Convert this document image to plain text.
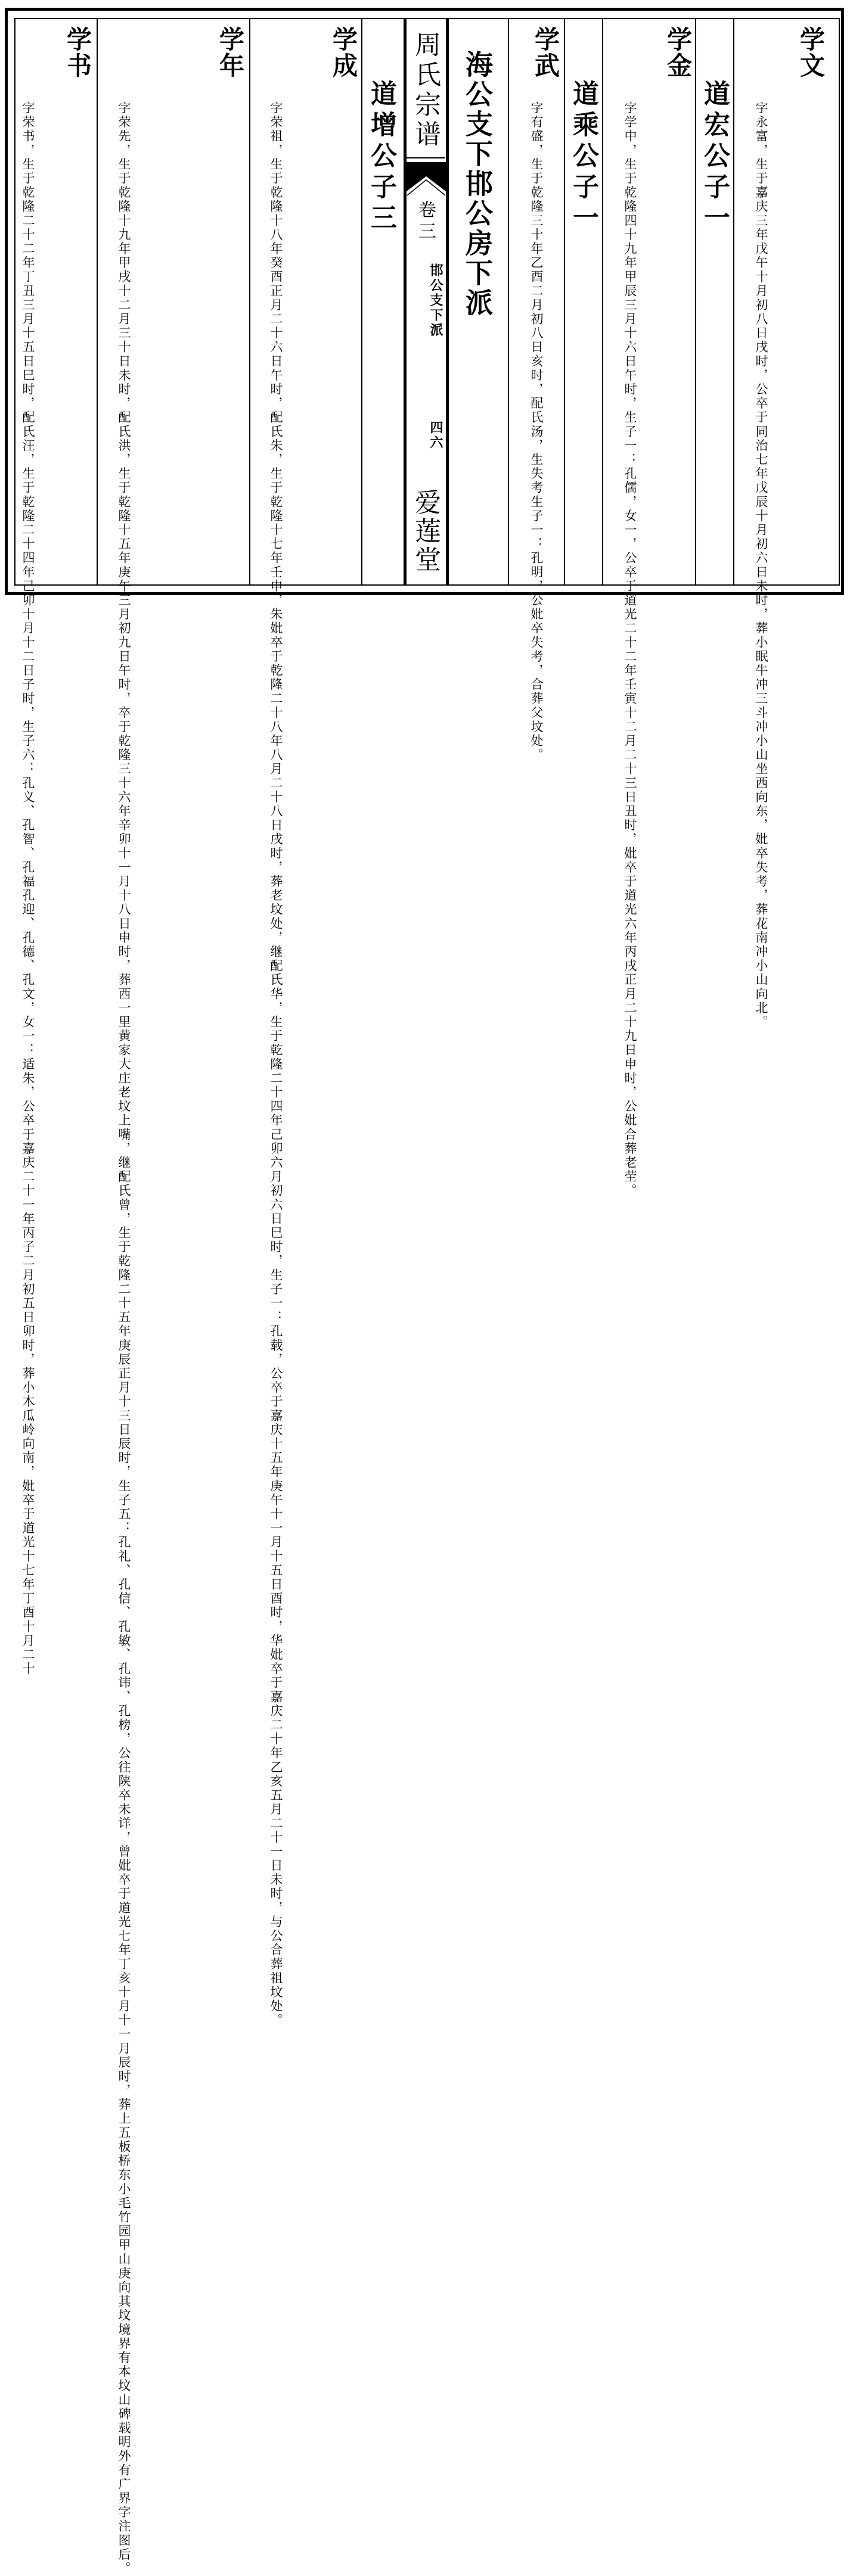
周氏宗谱
卷三
邯公支下派
四六
爱莲堂
学文
字永富，生于嘉庆三年戊午十月初八日戌时，公卒于同治七年戊辰十月初六日未时，葬小眠牛冲三斗冲小山坐西向东，妣卒失考，葬花南冲小山向北。
道宏公子一
学金
字学中，生于乾隆四十九年甲辰三月十六日午时，生子一：孔儒，女一，公卒于道光二十二年壬寅十二月二十三日丑时，妣卒于道光六年丙戌正月二十九日申时，公妣合葬老茔。
道乘公子一
学武
字有盛，生于乾隆三十年乙酉二月初八日亥时，配氏汤，生失考生子一：孔明，公妣卒失考，合葬父坟处。
海公支下邯公房下派
道增公子三
学成
字荣祖，生于乾隆十八年癸酉正月二十六日午时，配氏朱，生于乾隆十七年壬申，朱妣卒于乾隆二十八年八月二十八日戌时，葬老坟处，继配氏华，生于乾隆二十四年己卯六月初六日巳时，生子一：孔载，公卒于嘉庆十五年庚午十一月十五日酉时，华妣卒于嘉庆二十年乙亥五月二十一日未时，与公合葬祖坟处。
学年
字荣先，生于乾隆十九年甲戌十二月三十日未时，配氏洪，生于乾隆十五年庚午三月初九日午时，卒于乾隆三十六年辛卯十一月十八日申时，葬西一里黄家大庄老坟上嘴，继配氏曾，生于乾隆二十五年庚辰正月十三日辰时，生子五：孔礼、孔信、孔敏、孔讳、孔榜，公往陕卒未详，曾妣卒于道光七年丁亥十月十一月辰时，葬上五板桥东小毛竹园甲山庚向其坟境界有本坟山碑载明外有广界字注图后。
学书
字荣书，生于乾隆二十二年丁丑三月十五日巳时，配氏汪，生于乾隆二十四年己卯十月十二日子时，生子六：孔义、孔智、孔福孔迎、孔德、孔文，女一：适朱，公卒于嘉庆二十一年丙子二月初五日卯时，葬小木瓜岭向南，妣卒于道光十七年丁酉十月二十
